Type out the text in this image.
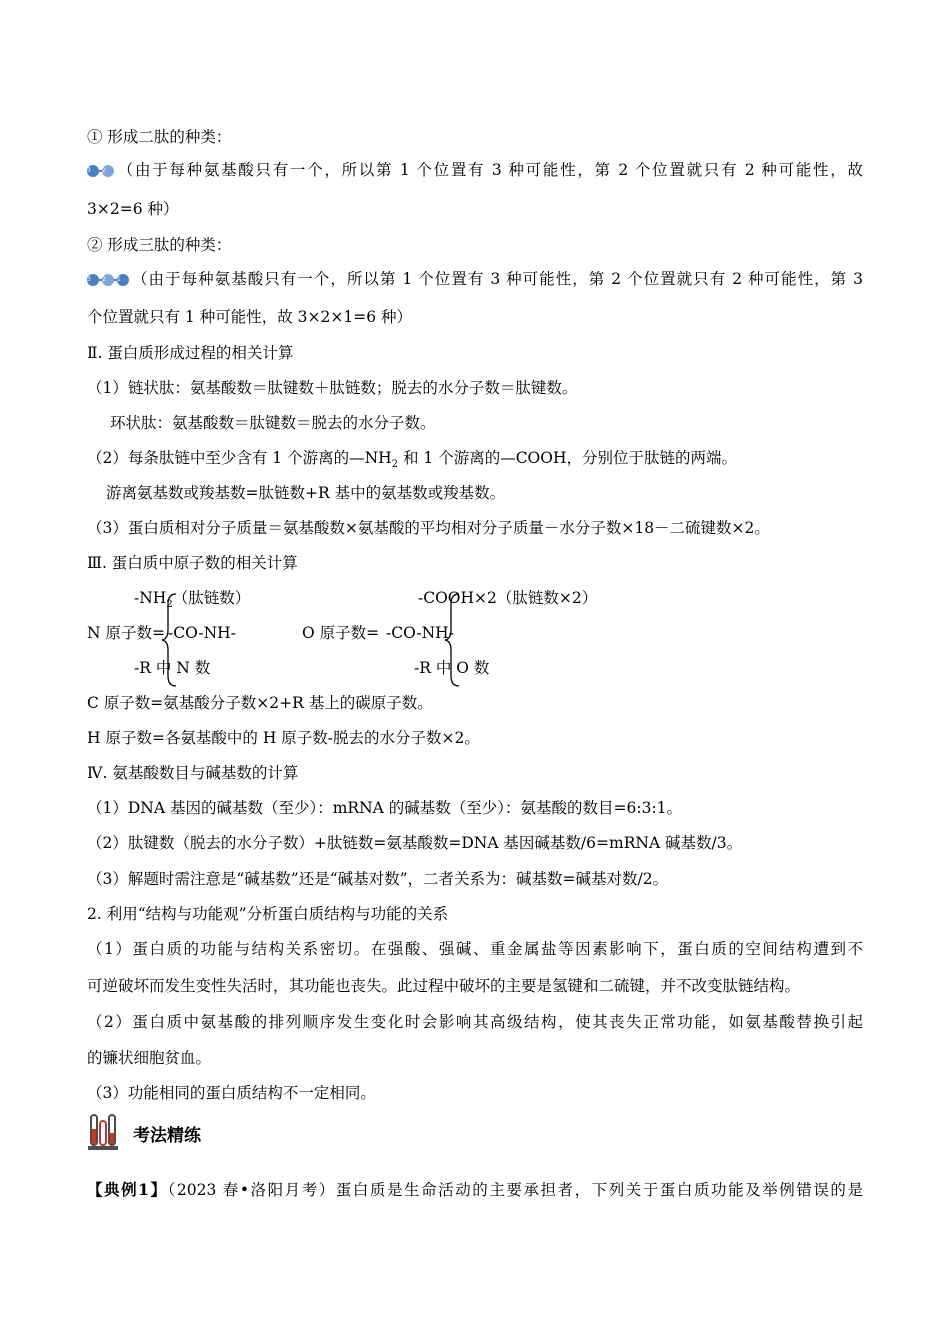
① 形成二肽的种类：
3 2 （由于每种氨基酸只有一个，所以第 1 个位置有 3 种可能性，第 2 个位置就只有 2 种可能性，故
3×2=6 种）
② 形成三肽的种类：
3 2 1 （由于每种氨基酸只有一个，所以第 1 个位置有 3 种可能性，第 2 个位置就只有 2 种可能性，第 3
个位置就只有 1 种可能性，故 3×2×1=6 种）
Ⅱ. 蛋白质形成过程的相关计算
（1）链状肽：氨基酸数＝肽键数＋肽链数；脱去的水分子数＝肽键数。
环状肽：氨基酸数＝肽键数＝脱去的水分子数。
（2）每条肽链中至少含有 1 个游离的$—NH_2$ 和 1 个游离的—COOH，分别位于肽链的两端。
游离氨基数或羧基数=肽链数+R 基中的氨基数或羧基数。
（3）蛋白质相对分子质量＝氨基酸数×氨基酸的平均相对分子质量－水分子数×18－二硫键数×2。
Ⅲ. 蛋白质中原子数的相关计算
N 原子数=
$-NH_2$（肽链数）
-CO-NH-
-R 中 N 数
O 原子数=
-COOH×2（肽链数×2）
-CO-NH-
-R 中 O 数
C 原子数=氨基酸分子数×2+R 基上的碳原子数。
H 原子数=各氨基酸中的 H 原子数-脱去的水分子数×2。
Ⅳ. 氨基酸数目与碱基数的计算
（1）DNA 基因的碱基数（至少）：mRNA 的碱基数（至少）：氨基酸的数目=6:3:1。
（2）肽键数（脱去的水分子数）+肽链数=氨基酸数=DNA 基因碱基数/6=mRNA 碱基数/3。
（3）解题时需注意是“碱基数”还是“碱基对数”，二者关系为：碱基数=碱基对数/2。
2. 利用“结构与功能观”分析蛋白质结构与功能的关系
（1）蛋白质的功能与结构关系密切。在强酸、强碱、重金属盐等因素影响下，蛋白质的空间结构遭到不
可逆破坏而发生变性失活时，其功能也丧失。此过程中破坏的主要是氢键和二硫键，并不改变肽链结构。
（2）蛋白质中氨基酸的排列顺序发生变化时会影响其高级结构，使其丧失正常功能，如氨基酸替换引起
的镰状细胞贫血。
（3）功能相同的蛋白质结构不一定相同。
考法精练
【典例1】（2023 春•洛阳月考）蛋白质是生命活动的主要承担者，下列关于蛋白质功能及举例错误的是
